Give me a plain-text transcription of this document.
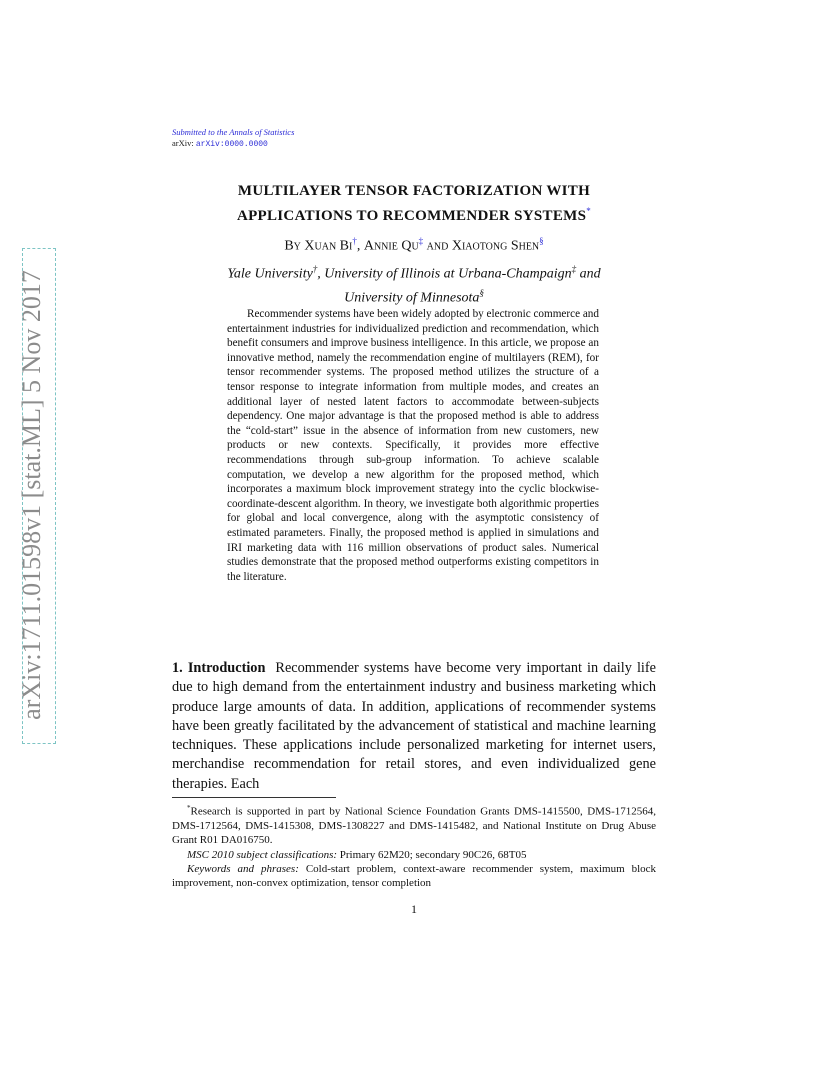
arXiv:1711.01598v1 [stat.ML] 5 Nov 2017
Submitted to the Annals of Statistics
arXiv: arXiv:0000.0000
MULTILAYER TENSOR FACTORIZATION WITH
APPLICATIONS TO RECOMMENDER SYSTEMS*
By Xuan Bi†, Annie Qu‡ and Xiaotong Shen§
Yale University†, University of Illinois at Urbana-Champaign‡ and
University of Minnesota§
Recommender systems have been widely adopted by electronic commerce and entertainment industries for individualized prediction and recommendation, which benefit consumers and improve business intelligence. In this article, we propose an innovative method, namely the recommendation engine of multilayers (REM), for tensor recommender systems. The proposed method utilizes the structure of a tensor response to integrate information from multiple modes, and creates an additional layer of nested latent factors to accommodate between-subjects dependency. One major advantage is that the proposed method is able to address the “cold-start” issue in the absence of information from new customers, new products or new contexts. Specifically, it provides more effective recommendations through sub-group information. To achieve scalable computation, we develop a new algorithm for the proposed method, which incorporates a maximum block improvement strategy into the cyclic blockwise-coordinate-descent algorithm. In theory, we investigate both algorithmic properties for global and local convergence, along with the asymptotic consistency of estimated parameters. Finally, the proposed method is applied in simulations and IRI marketing data with 116 million observations of product sales. Numerical studies demonstrate that the proposed method outperforms existing competitors in the literature.
1. Introduction Recommender systems have become very important in daily life due to high demand from the entertainment industry and business marketing which produce large amounts of data. In addition, applications of recommender systems have been greatly facilitated by the advancement of statistical and machine learning techniques. These applications include personalized marketing for internet users, merchandise recommendation for retail stores, and even individualized gene therapies. Each

*Research is supported in part by National Science Foundation Grants DMS-1415500, DMS-1712564, DMS-1712564, DMS-1415308, DMS-1308227 and DMS-1415482, and National Institute on Drug Abuse Grant R01 DA016750.

MSC 2010 subject classifications: Primary 62M20; secondary 90C26, 68T05

Keywords and phrases: Cold-start problem, context-aware recommender system, maximum block improvement, non-convex optimization, tensor completion

1
